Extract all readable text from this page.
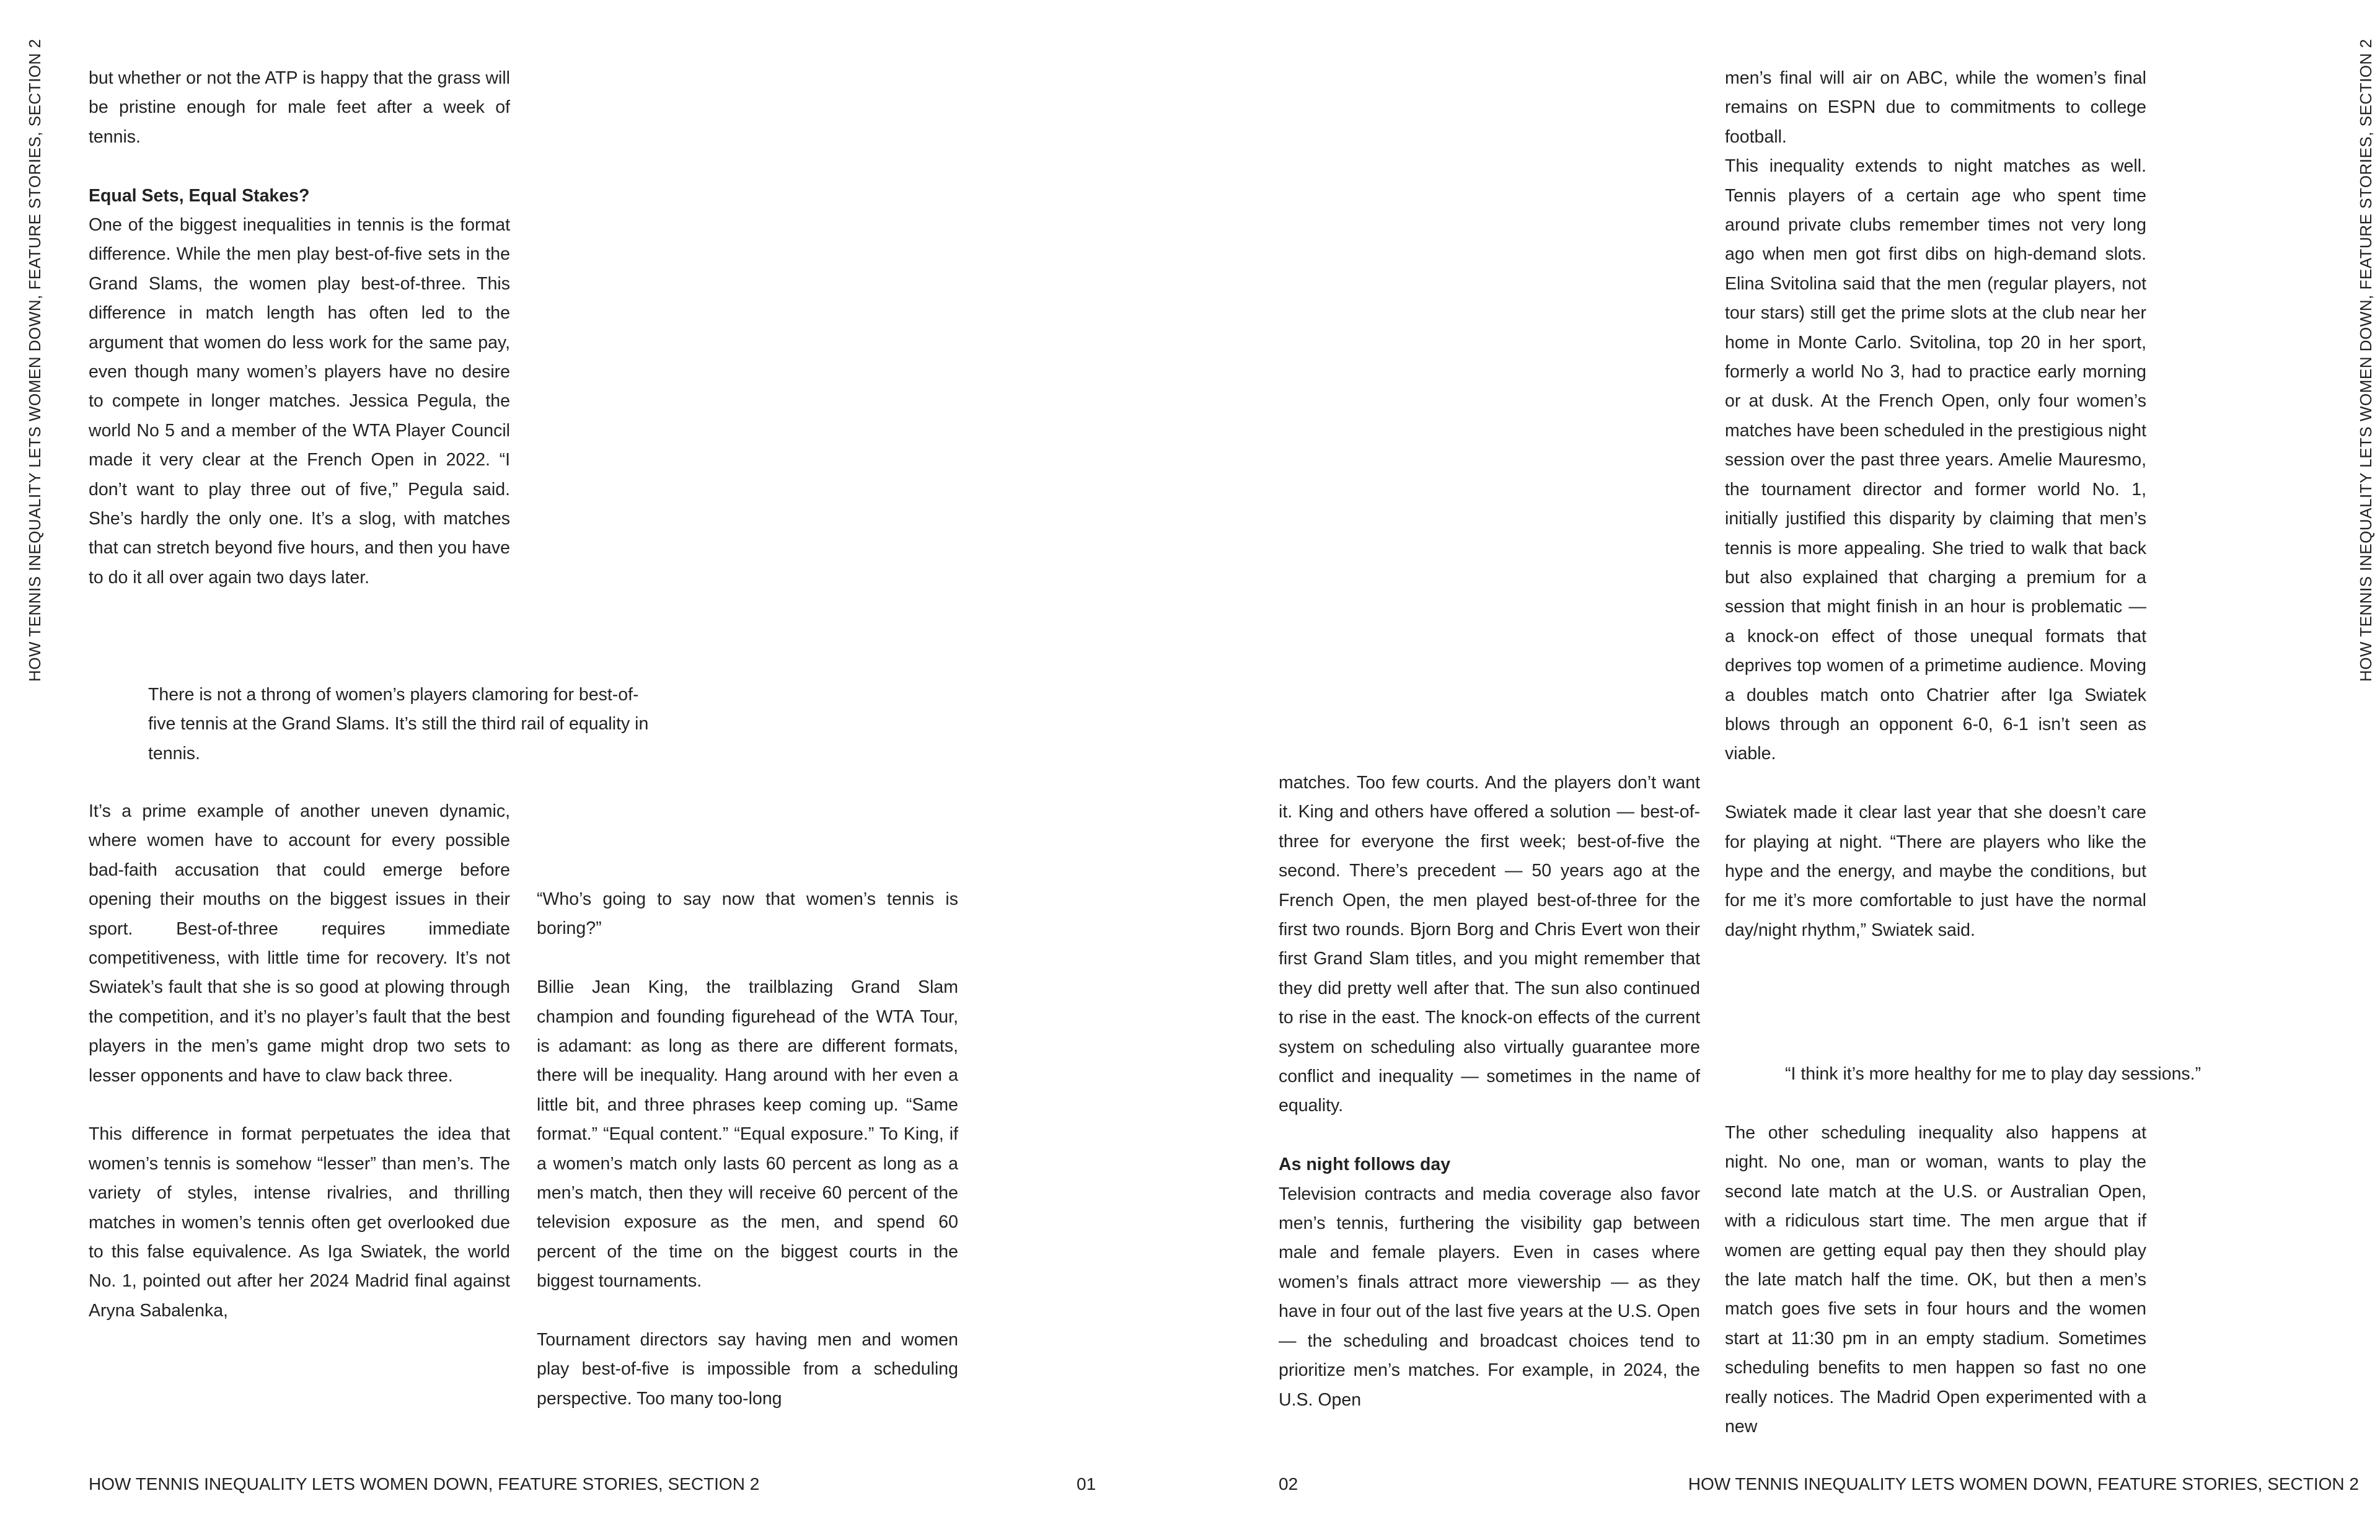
HOW TENNIS INEQUALITY LETS WOMEN DOWN, FEATURE STORIES, SECTION 2	but whether or not the ATP is happy that the grass will be pristine enough for male feet after a week of tennis.

Equal Sets, Equal Stakes?

One of the biggest inequalities in tennis is the format difference. While the men play best-of-five sets in the Grand Slams, the women play best-of-three. This difference in match length has often led to the argument that women do less work for the same pay, even though many women’s players have no desire to compete in longer matches. Jessica Pegula, the world No 5 and a member of the WTA Player Council made it very clear at the French Open in 2022. “I don’t want to play three out of five,” Pegula said. She’s hardly the only one. It’s a slog, with matches that can stretch beyond five hours, and then you have to do it all over again two days later.

There is not a throng of women’s players clamoring for best-of-five tennis at the Grand Slams. It’s still the third rail of equality in tennis.

It’s a prime example of another uneven dynamic, where women have to account for every possible bad-faith accusation that could emerge before opening their mouths on the biggest issues in their sport. Best-of-three requires immediate competitiveness, with little time for recovery. It’s not Swiatek’s fault that she is so good at plowing through the competition, and it’s no player’s fault that the best players in the men’s game might drop two sets to lesser opponents and have to claw back three.

This difference in format perpetuates the idea that women’s tennis is somehow “lesser” than men’s. The variety of styles, intense rivalries, and thrilling matches in women’s tennis often get overlooked due to this false equivalence. As Iga Swiatek, the world No. 1, pointed out after her 2024 Madrid final against Aryna Sabalenka,

“Who’s going to say now that women’s tennis is boring?”

Billie Jean King, the trailblazing Grand Slam champion and founding figurehead of the WTA Tour, is adamant: as long as there are different formats, there will be inequality. Hang around with her even a little bit, and three phrases keep coming up. “Same format.” “Equal content.” “Equal exposure.” To King, if a women’s match only lasts 60 percent as long as a men’s match, then they will receive 60 percent of the television exposure as the men, and spend 60 percent of the time on the biggest courts in the biggest tournaments.

Tournament directors say having men and women play best-of-five is impossible from a scheduling perspective. Too many too-long

HOW TENNIS INEQUALITY LETS WOMEN DOWN, FEATURE STORIES, SECTION 2	01

matches. Too few courts. And the players don’t want it. King and others have offered a solution — best-of-three for everyone the first week; best-of-five the second. There’s precedent — 50 years ago at the French Open, the men played best-of-three for the first two rounds. Bjorn Borg and Chris Evert won their first Grand Slam titles, and you might remember that they did pretty well after that. The sun also continued to rise in the east. The knock-on effects of the current system on scheduling also virtually guarantee more conflict and inequality — sometimes in the name of equality.

As night follows day

Television contracts and media coverage also favor men’s tennis, furthering the visibility gap between male and female players. Even in cases where women’s finals attract more viewership — as they have in four out of the last five years at the U.S. Open — the scheduling and broadcast choices tend to prioritize men’s matches. For example, in 2024, the U.S. Open

men’s final will air on ABC, while the women’s final remains on ESPN due to commitments to college football.

This inequality extends to night matches as well. Tennis players of a certain age who spent time around private clubs remember times not very long ago when men got first dibs on high-demand slots. Elina Svitolina said that the men (regular players, not tour stars) still get the prime slots at the club near her home in Monte Carlo. Svitolina, top 20 in her sport, formerly a world No 3, had to practice early morning or at dusk. At the French Open, only four women’s matches have been scheduled in the prestigious night session over the past three years. Amelie Mauresmo, the tournament director and former world No. 1, initially justified this disparity by claiming that men’s tennis is more appealing. She tried to walk that back but also explained that charging a premium for a session that might finish in an hour is problematic — a knock-on effect of those unequal formats that deprives top women of a primetime audience. Moving a doubles match onto Chatrier after Iga Swiatek blows through an opponent 6-0, 6-1 isn’t seen as viable.

Swiatek made it clear last year that she doesn’t care for playing at night. “There are players who like the hype and the energy, and maybe the conditions, but for me it’s more comfortable to just have the normal day/night rhythm,” Swiatek said.

“I think it’s more healthy for me to play day sessions.”

The other scheduling inequality also happens at night. No one, man or woman, wants to play the second late match at the U.S. or Australian Open, with a ridiculous start time. The men argue that if women are getting equal pay then they should play the late match half the time. OK, but then a men’s match goes five sets in four hours and the women start at 11:30 pm in an empty stadium. Sometimes scheduling benefits to men happen so fast no one really notices. The Madrid Open experimented with a new

02	HOW TENNIS INEQUALITY LETS WOMEN DOWN, FEATURE STORIES, SECTION 2
HOW TENNIS INEQUALITY LETS WOMEN DOWN, FEATURE STORIES, SECTION 2
